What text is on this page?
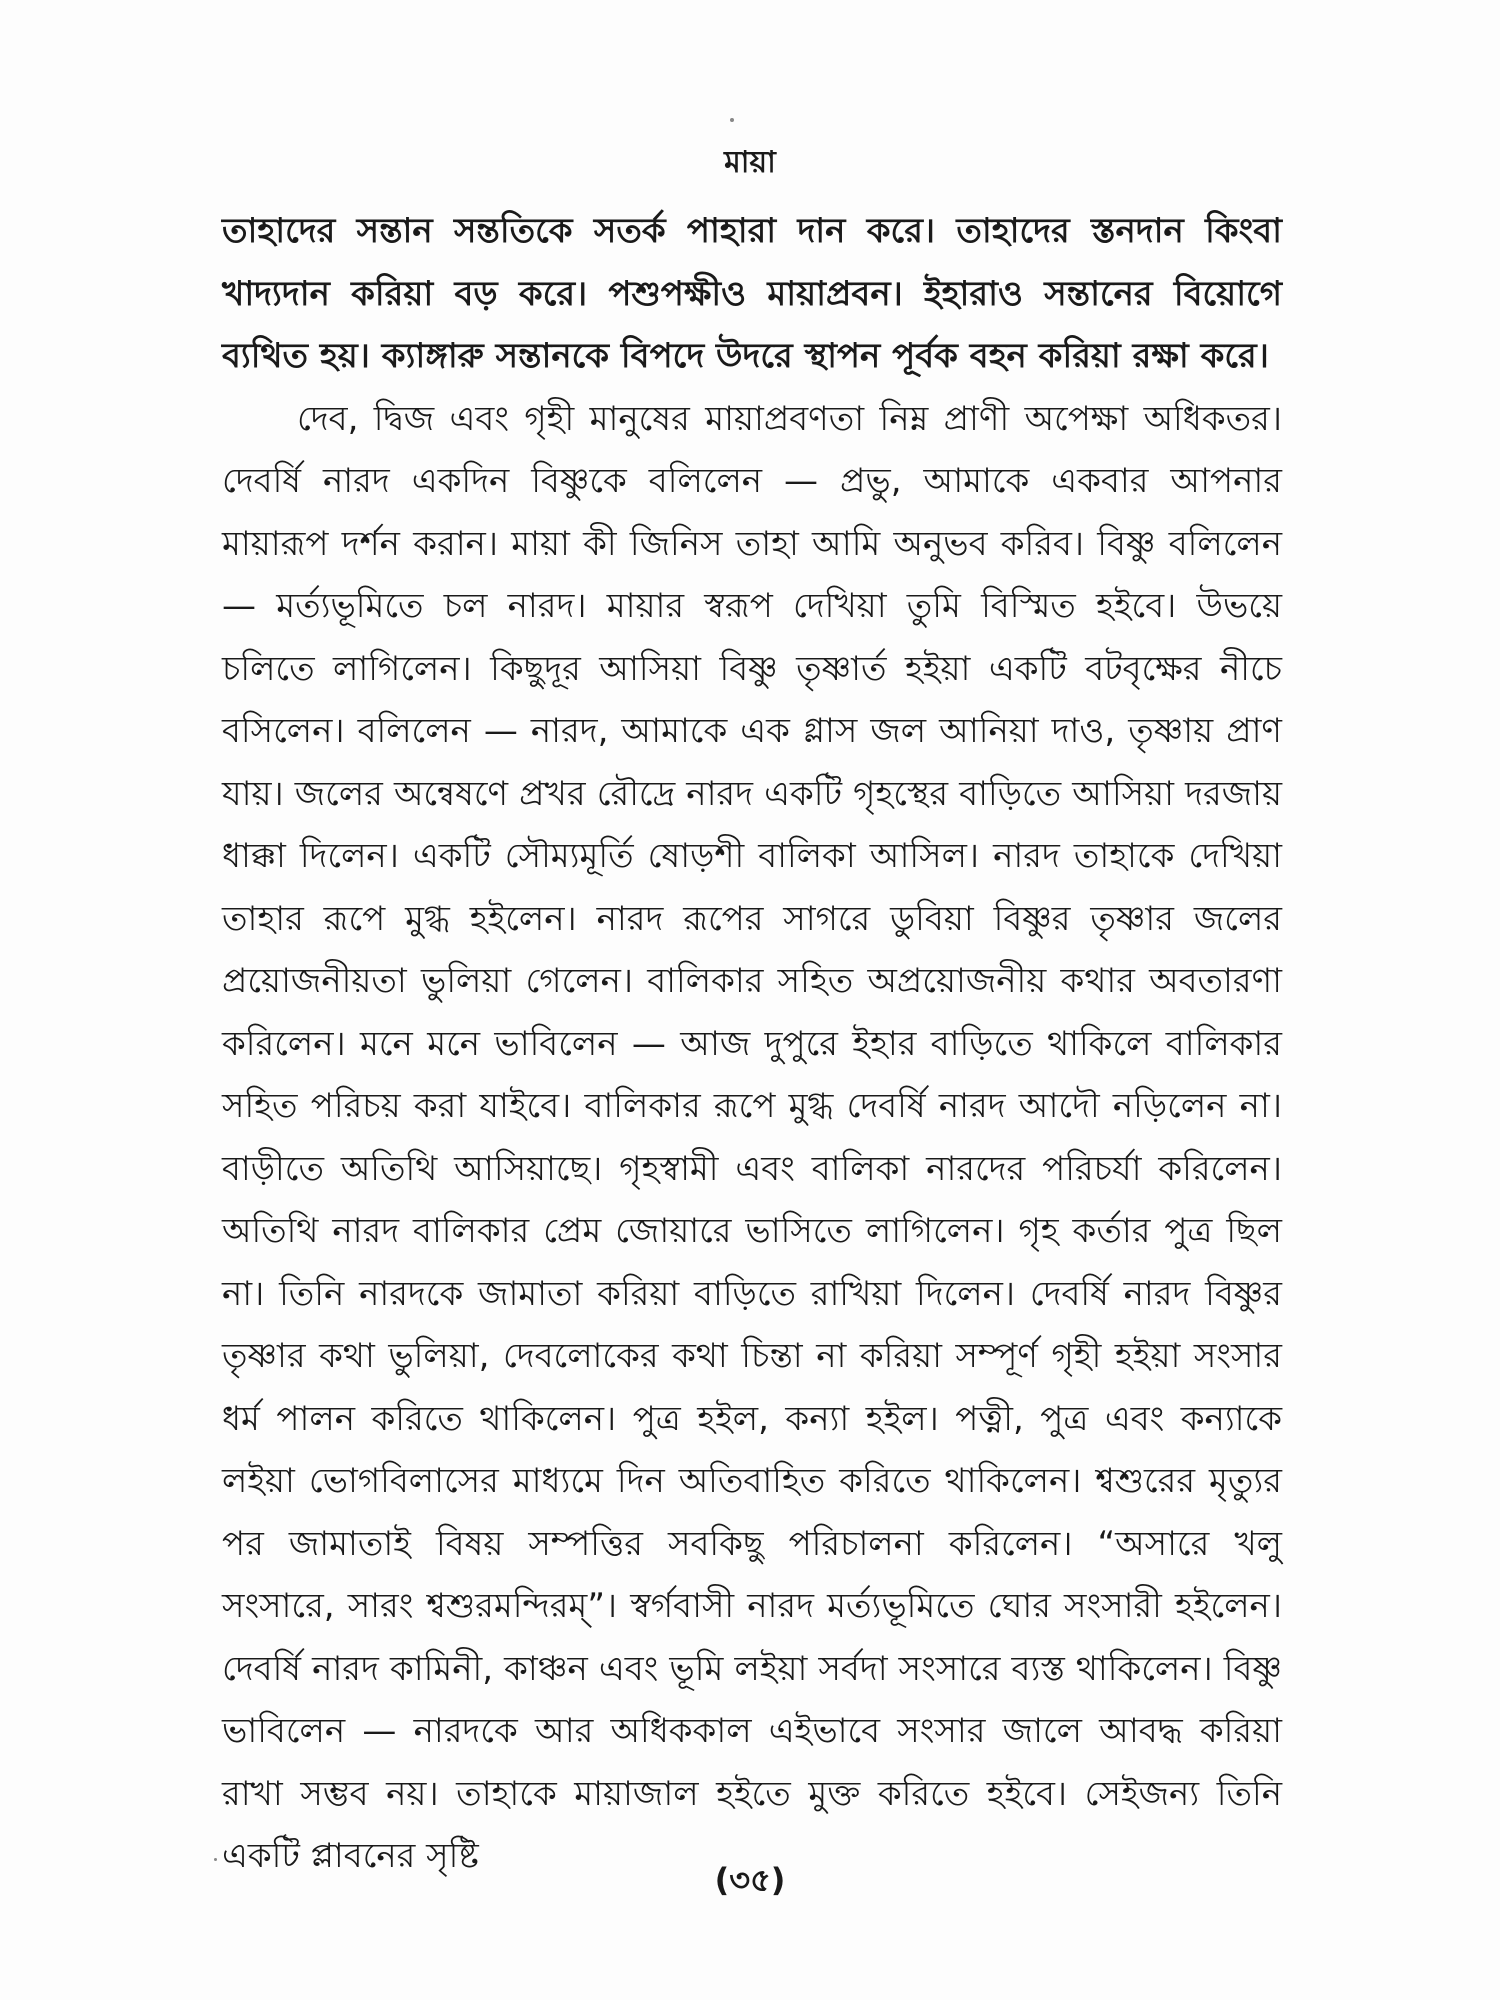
মায়া

তাহাদের সন্তান সন্ততিকে সতর্ক পাহারা দান করে। তাহাদের স্তনদান কিংবা খাদ্যদান করিয়া বড় করে। পশুপক্ষীও মায়াপ্রবন। ইহারাও সন্তানের বিয়োগে ব্যথিত হয়। ক্যাঙ্গারু সন্তানকে বিপদে উদরে স্থাপন পূর্বক বহন করিয়া রক্ষা করে।

দেব, দ্বিজ এবং গৃহী মানুষের মায়াপ্রবণতা নিম্ন প্রাণী অপেক্ষা অধিকতর। দেবর্ষি নারদ একদিন বিষ্ণুকে বলিলেন — প্রভু, আমাকে একবার আপনার মায়ারূপ দর্শন করান। মায়া কী জিনিস তাহা আমি অনুভব করিব। বিষ্ণু বলিলেন — মর্ত্যভূমিতে চল নারদ। মায়ার স্বরূপ দেখিয়া তুমি বিস্মিত হইবে। উভয়ে চলিতে লাগিলেন। কিছুদূর আসিয়া বিষ্ণু তৃষ্ণার্ত হইয়া একটি বটবৃক্ষের নীচে বসিলেন। বলিলেন — নারদ, আমাকে এক গ্লাস জল আনিয়া দাও, তৃষ্ণায় প্রাণ যায়। জলের অন্বেষণে প্রখর রৌদ্রে নারদ একটি গৃহস্থের বাড়িতে আসিয়া দরজায় ধাক্কা দিলেন। একটি সৌম্যমূর্তি ষোড়শী বালিকা আসিল। নারদ তাহাকে দেখিয়া তাহার রূপে মুগ্ধ হইলেন। নারদ রূপের সাগরে ডুবিয়া বিষ্ণুর তৃষ্ণার জলের প্রয়োজনীয়তা ভুলিয়া গেলেন। বালিকার সহিত অপ্রয়োজনীয় কথার অবতারণা করিলেন। মনে মনে ভাবিলেন — আজ দুপুরে ইহার বাড়িতে থাকিলে বালিকার সহিত পরিচয় করা যাইবে। বালিকার রূপে মুগ্ধ দেবর্ষি নারদ আদৌ নড়িলেন না। বাড়ীতে অতিথি আসিয়াছে। গৃহস্বামী এবং বালিকা নারদের পরিচর্যা করিলেন। অতিথি নারদ বালিকার প্রেম জোয়ারে ভাসিতে লাগিলেন। গৃহ কর্তার পুত্র ছিল না। তিনি নারদকে জামাতা করিয়া বাড়িতে রাখিয়া দিলেন। দেবর্ষি নারদ বিষ্ণুর তৃষ্ণার কথা ভুলিয়া, দেবলোকের কথা চিন্তা না করিয়া সম্পূর্ণ গৃহী হইয়া সংসার ধর্ম পালন করিতে থাকিলেন। পুত্র হইল, কন্যা হইল। পত্নী, পুত্র এবং কন্যাকে লইয়া ভোগবিলাসের মাধ্যমে দিন অতিবাহিত করিতে থাকিলেন। শ্বশুরের মৃত্যুর পর জামাতাই বিষয় সম্পত্তির সবকিছু পরিচালনা করিলেন। “অসারে খলু সংসারে, সারং শ্বশুরমন্দিরম্”। স্বর্গবাসী নারদ মর্ত্যভূমিতে ঘোর সংসারী হইলেন। দেবর্ষি নারদ কামিনী, কাঞ্চন এবং ভূমি লইয়া সর্বদা সংসারে ব্যস্ত থাকিলেন। বিষ্ণু ভাবিলেন — নারদকে আর অধিককাল এইভাবে সংসার জালে আবদ্ধ করিয়া রাখা সম্ভব নয়। তাহাকে মায়াজাল হইতে মুক্ত করিতে হইবে। সেইজন্য তিনি একটি প্লাবনের সৃষ্টি

(৩৫)
